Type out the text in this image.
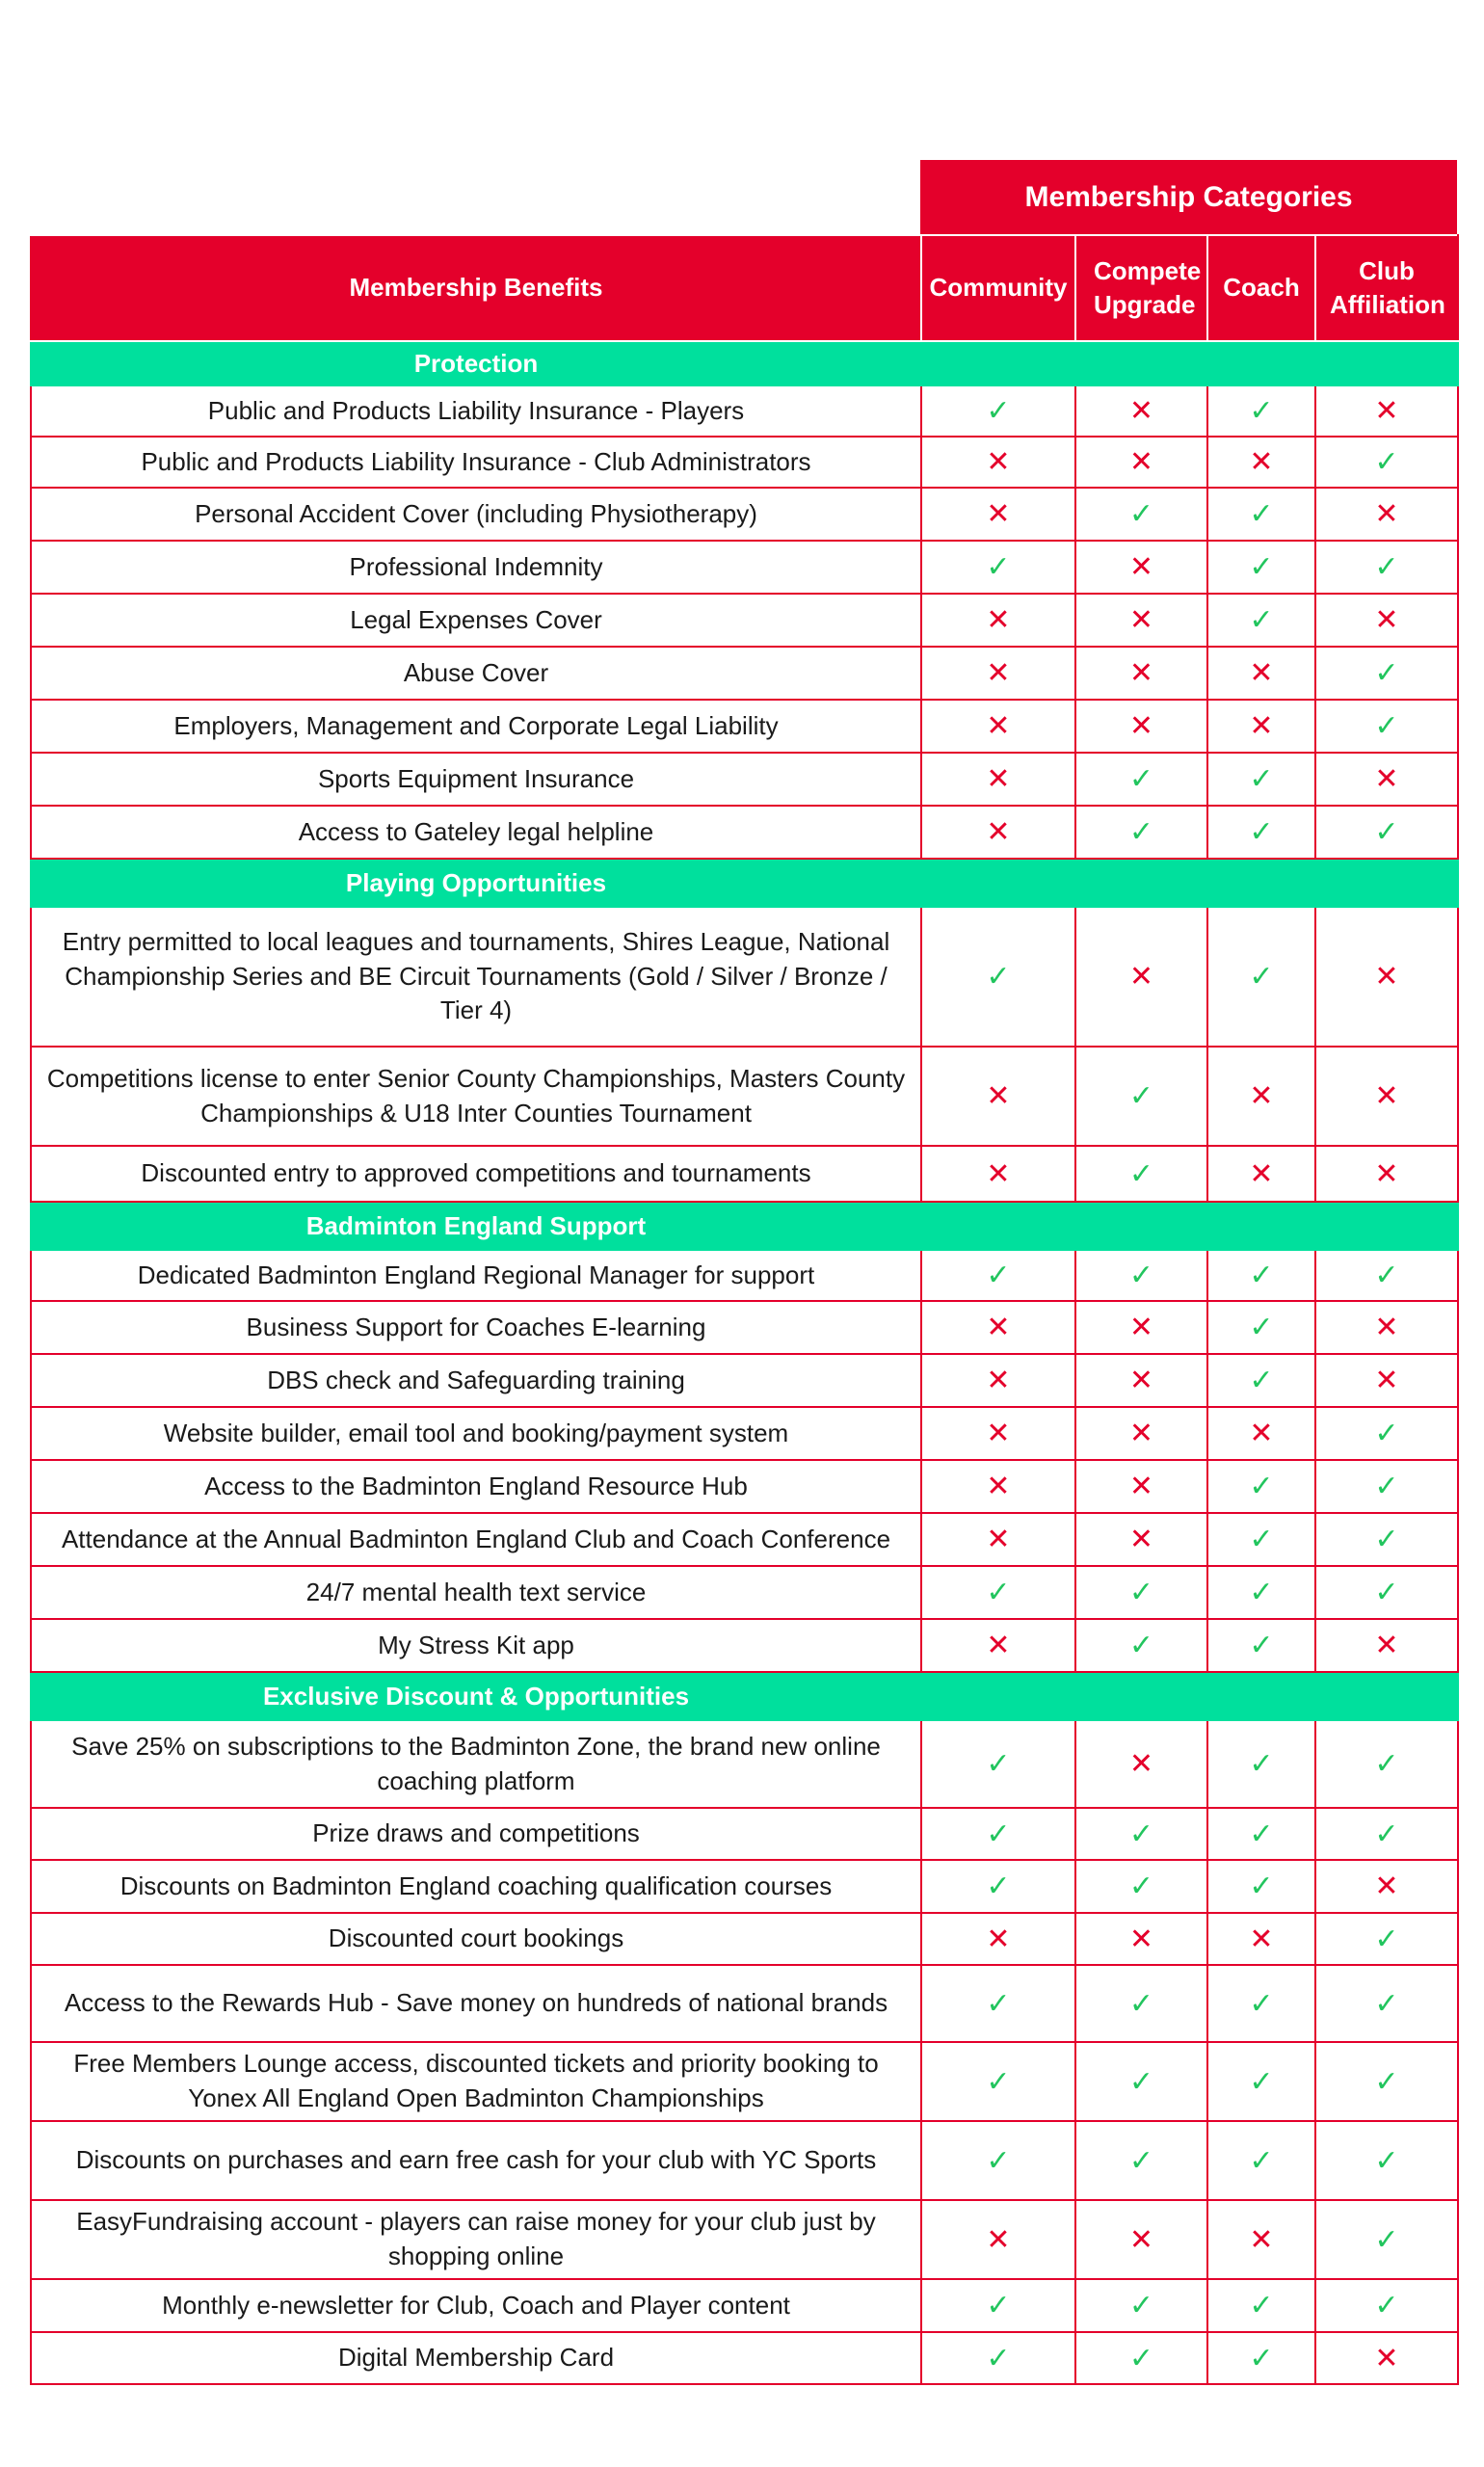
Membership Categories
Membership Benefits	Community	Compete Upgrade	Coach	Club Affiliation
Protection				
Public and Products Liability Insurance - Players	✓	✕	✓	✕
Public and Products Liability Insurance - Club Administrators	✕	✕	✕	✓
Personal Accident Cover (including Physiotherapy)	✕	✓	✓	✕
Professional Indemnity	✓	✕	✓	✓
Legal Expenses Cover	✕	✕	✓	✕
Abuse Cover	✕	✕	✕	✓
Employers, Management and Corporate Legal Liability	✕	✕	✕	✓
Sports Equipment Insurance	✕	✓	✓	✕
Access to Gateley legal helpline	✕	✓	✓	✓
Playing Opportunities				
Entry permitted to local leagues and tournaments, Shires League, National Championship Series and BE Circuit Tournaments (Gold / Silver / Bronze / Tier 4)	✓	✕	✓	✕
Competitions license to enter Senior County Championships, Masters County Championships & U18 Inter Counties Tournament	✕	✓	✕	✕
Discounted entry to approved competitions and tournaments	✕	✓	✕	✕
Badminton England Support				
Dedicated Badminton England Regional Manager for support	✓	✓	✓	✓
Business Support for Coaches E-learning	✕	✕	✓	✕
DBS check and Safeguarding training	✕	✕	✓	✕
Website builder, email tool and booking/payment system	✕	✕	✕	✓
Access to the Badminton England Resource Hub	✕	✕	✓	✓
Attendance at the Annual Badminton England Club and Coach Conference	✕	✕	✓	✓
24/7 mental health text service	✓	✓	✓	✓
My Stress Kit app	✕	✓	✓	✕
Exclusive Discount & Opportunities				
Save 25% on subscriptions to the Badminton Zone, the brand new online coaching platform	✓	✕	✓	✓
Prize draws and competitions	✓	✓	✓	✓
Discounts on Badminton England coaching qualification courses	✓	✓	✓	✕
Discounted court bookings	✕	✕	✕	✓
Access to the Rewards Hub - Save money on hundreds of national brands	✓	✓	✓	✓
Free Members Lounge access, discounted tickets and priority booking to Yonex All England Open Badminton Championships	✓	✓	✓	✓
Discounts on purchases and earn free cash for your club with YC Sports	✓	✓	✓	✓
EasyFundraising account - players can raise money for your club just by shopping online	✕	✕	✕	✓
Monthly e-newsletter for Club, Coach and Player content	✓	✓	✓	✓
Digital Membership Card	✓	✓	✓	✕
